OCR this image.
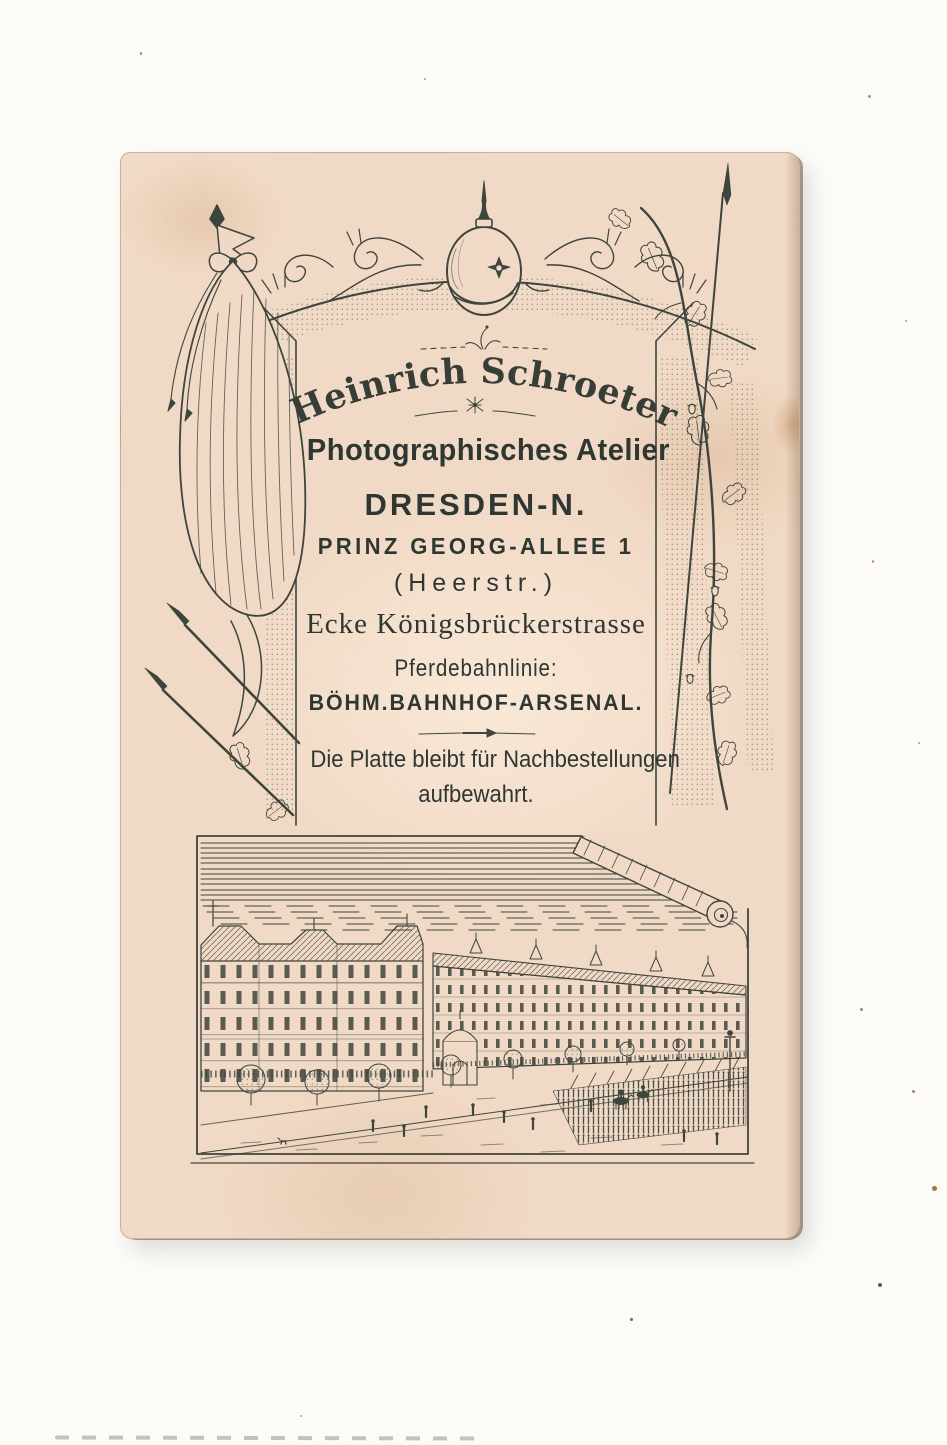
Heinrich Schroeter
Photographisches Atelier
DRESDEN-N.
PRINZ GEORG-ALLEE 1
(Heerstr.)
Ecke Königsbrückerstrasse
Pferdebahnlinie:
BÖHM.BAHNHOF-ARSENAL.
Die Platte bleibt für Nachbestellungen
aufbewahrt.
